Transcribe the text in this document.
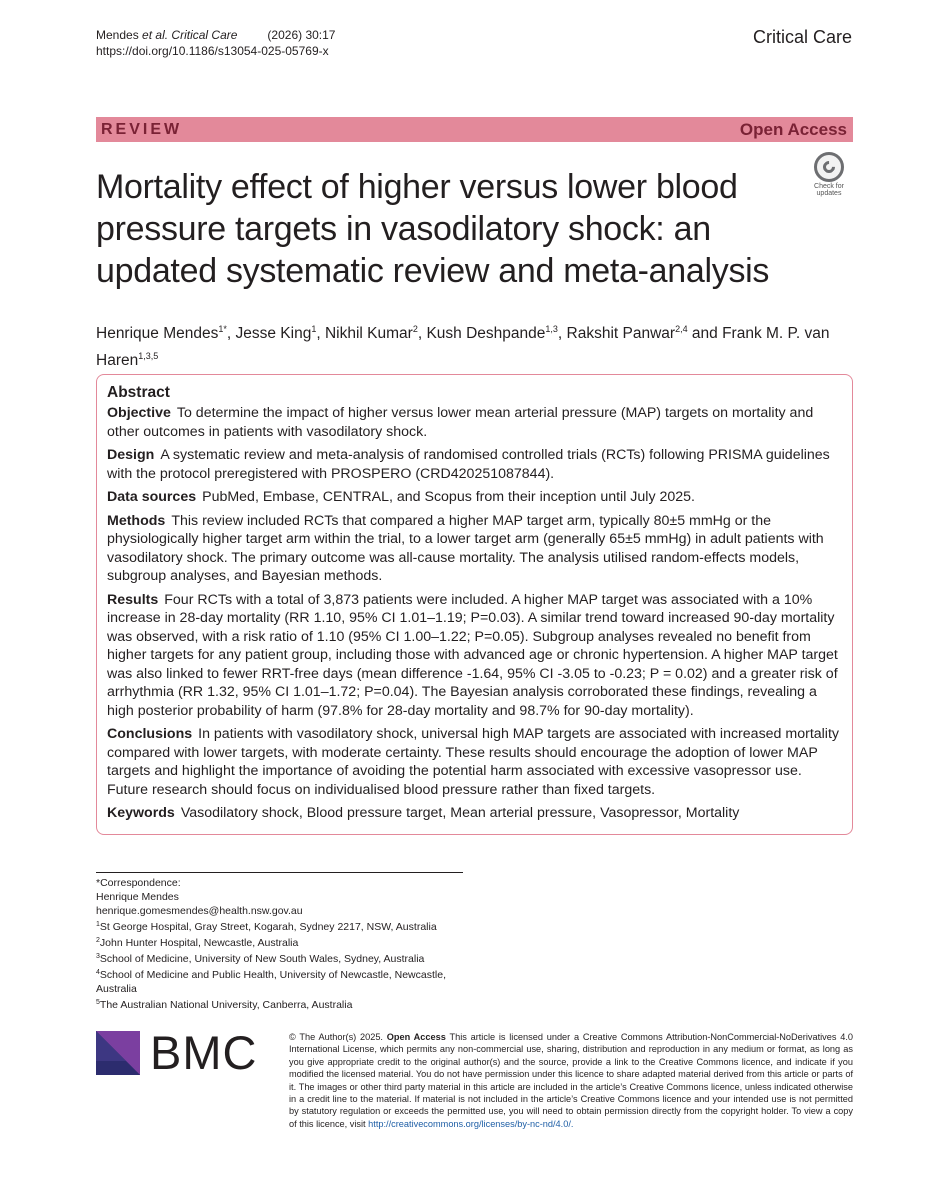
Mendes
et al.
Critical Care	(2026) 30:17
https://doi.org/10.1186/s13054-025-05769-x
Critical Care
REVIEW	Open Access
Check for
updates
Mortality effect of higher versus lower blood pressure targets in vasodilatory shock: an updated systematic review and meta-analysis
Henrique Mendes$^{1*}$, Jesse King$^1$, Nikhil Kumar$^2$, Kush Deshpande$^{1,3}$, Rakshit Panwar$^{2,4}$ and Frank M. P. van Haren$^{1,3,5}$
Abstract

Objective To determine the impact of higher versus lower mean arterial pressure (MAP) targets on mortality and other outcomes in patients with vasodilatory shock.

Design A systematic review and meta-analysis of randomised controlled trials (RCTs) following PRISMA guidelines with the protocol preregistered with PROSPERO (CRD420251087844).

Data sources PubMed, Embase, CENTRAL, and Scopus from their inception until July 2025.

Methods This review included RCTs that compared a higher MAP target arm, typically 80±5 mmHg or the physiologically higher target arm within the trial, to a lower target arm (generally 65±5 mmHg) in adult patients with vasodilatory shock. The primary outcome was all-cause mortality. The analysis utilised random-effects models, subgroup analyses, and Bayesian methods.

Results Four RCTs with a total of 3,873 patients were included. A higher MAP target was associated with a 10% increase in 28-day mortality (RR 1.10, 95% CI 1.01–1.19; P=0.03). A similar trend toward increased 90-day mortality was observed, with a risk ratio of 1.10 (95% CI 1.00–1.22; P=0.05). Subgroup analyses revealed no benefit from higher targets for any patient group, including those with advanced age or chronic hypertension. A higher MAP target was also linked to fewer RRT-free days (mean difference -1.64, 95% CI -3.05 to -0.23; P = 0.02) and a greater risk of arrhythmia (RR 1.32, 95% CI 1.01–1.72; P=0.04). The Bayesian analysis corroborated these findings, revealing a high posterior probability of harm (97.8% for 28-day mortality and 98.7% for 90-day mortality).

Conclusions In patients with vasodilatory shock, universal high MAP targets are associated with increased mortality compared with lower targets, with moderate certainty. These results should encourage the adoption of lower MAP targets and highlight the importance of avoiding the potential harm associated with excessive vasopressor use. Future research should focus on individualised blood pressure rather than fixed targets.

Keywords Vasodilatory shock, Blood pressure target, Mean arterial pressure, Vasopressor, Mortality

*Correspondence:
Henrique Mendes
henrique.gomesmendes@health.nsw.gov.au
$^1$St George Hospital, Gray Street, Kogarah, Sydney 2217, NSW, Australia
$^2$John Hunter Hospital, Newcastle, Australia
$^3$School of Medicine, University of New South Wales, Sydney, Australia
$^4$School of Medicine and Public Health, University of Newcastle, Newcastle, Australia
$^5$The Australian National University, Canberra, Australia
BMC	© The Author(s) 2025. Open Access This article is licensed under a Creative Commons Attribution-NonCommercial-NoDerivatives 4.0 International License, which permits any non-commercial use, sharing, distribution and reproduction in any medium or format, as long as you give appropriate credit to the original author(s) and the source, provide a link to the Creative Commons licence, and indicate if you modified the licensed material. You do not have permission under this licence to share adapted material derived from this article or parts of it. The images or other third party material in this article are included in the article’s Creative Commons licence, unless indicated otherwise in a credit line to the material. If material is not included in the article’s Creative Commons licence and your intended use is not permitted by statutory regulation or exceeds the permitted use, you will need to obtain permission directly from the copyright holder. To view a copy of this licence, visit http://creativecommons.org/licenses/by-nc-nd/4.0/.
